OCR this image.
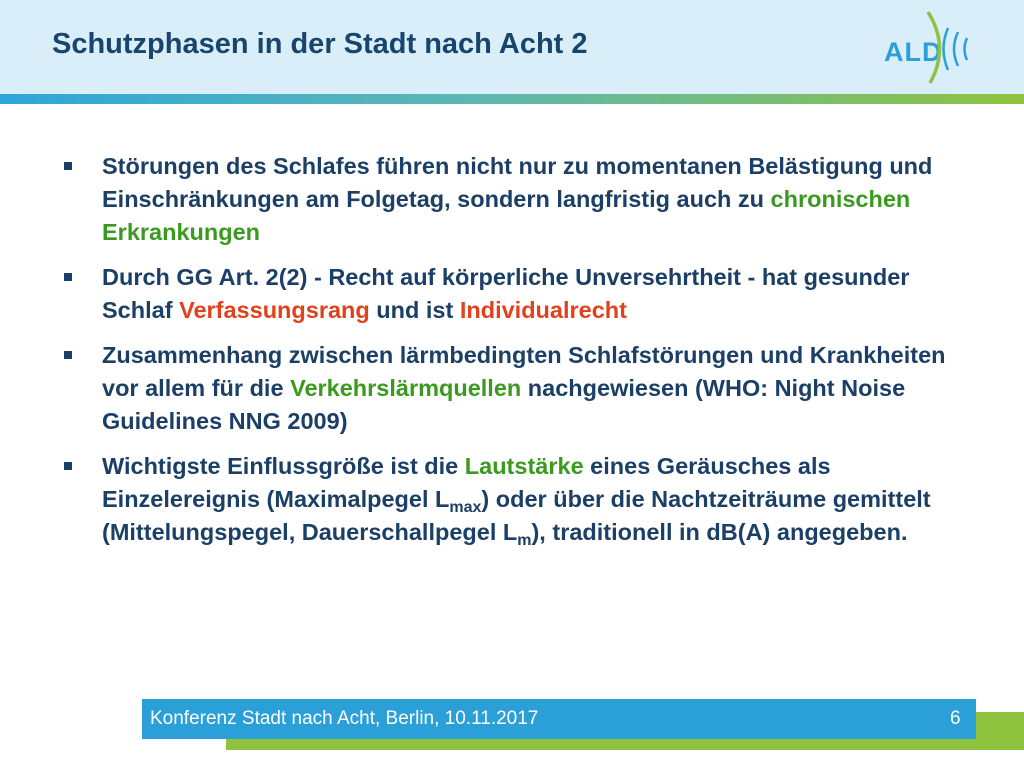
Schutzphasen in der Stadt nach Acht 2	ALD
Störungen des Schlafes führen nicht nur zu momentanen Belästigung und Einschränkungen am Folgetag, sondern langfristig auch zu chronischen Erkrankungen
Durch GG Art. 2(2) - Recht auf körperliche Unversehrtheit - hat gesunder Schlaf Verfassungsrang und ist Individualrecht
Zusammenhang zwischen lärmbedingten Schlafstörungen und Krankheiten vor allem für die Verkehrslärmquellen nachgewiesen (WHO: Night Noise Guidelines NNG 2009)
Wichtigste Einflussgröße ist die Lautstärke eines Geräusches als Einzelereignis (Maximalpegel $L_{max}$) oder über die Nachtzeiträume gemittelt (Mittelungspegel, Dauerschallpegel $L_m$), traditionell in dB(A) angegeben.
Konferenz Stadt nach Acht, Berlin, 10.11.2017	6
